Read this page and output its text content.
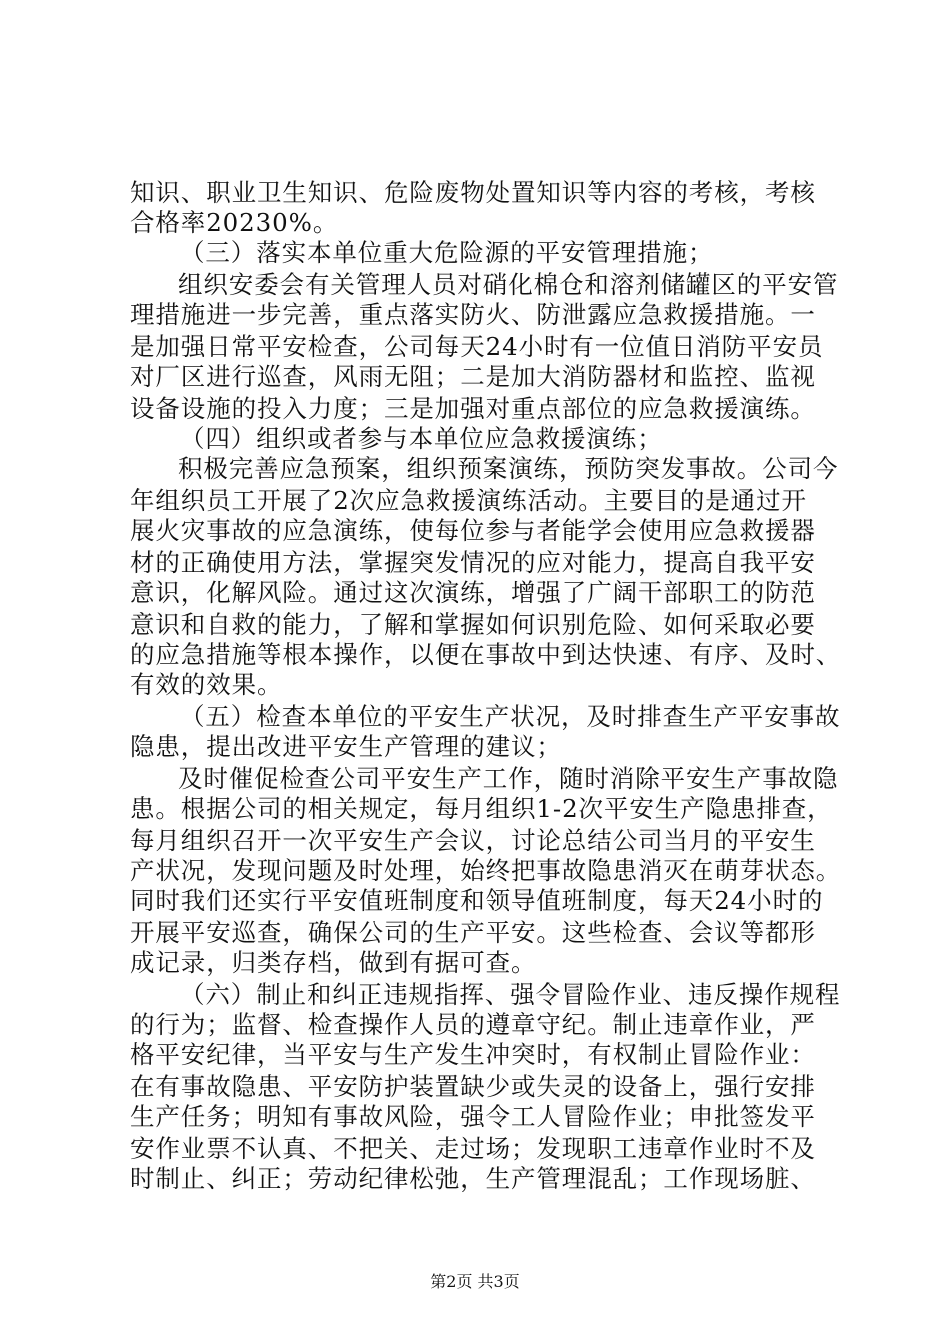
知识、职业卫生知识、危险废物处置知识等内容的考核，考核
合格率20230%。
（三）落实本单位重大危险源的平安管理措施；
组织安委会有关管理人员对硝化棉仓和溶剂储罐区的平安管
理措施进一步完善，重点落实防火、防泄露应急救援措施。一
是加强日常平安检查，公司每天24小时有一位值日消防平安员
对厂区进行巡查，风雨无阻；二是加大消防器材和监控、监视
设备设施的投入力度；三是加强对重点部位的应急救援演练。
（四）组织或者参与本单位应急救援演练；
积极完善应急预案，组织预案演练，预防突发事故。公司今
年组织员工开展了2次应急救援演练活动。主要目的是通过开
展火灾事故的应急演练，使每位参与者能学会使用应急救援器
材的正确使用方法，掌握突发情况的应对能力，提高自我平安
意识，化解风险。通过这次演练，增强了广阔干部职工的防范
意识和自救的能力，了解和掌握如何识别危险、如何采取必要
的应急措施等根本操作，以便在事故中到达快速、有序、及时、
有效的效果。
（五）检查本单位的平安生产状况，及时排查生产平安事故
隐患，提出改进平安生产管理的建议；
及时催促检查公司平安生产工作，随时消除平安生产事故隐
患。根据公司的相关规定，每月组织1-2次平安生产隐患排查，
每月组织召开一次平安生产会议，讨论总结公司当月的平安生
产状况，发现问题及时处理，始终把事故隐患消灭在萌芽状态。
同时我们还实行平安值班制度和领导值班制度，每天24小时的
开展平安巡查，确保公司的生产平安。这些检查、会议等都形
成记录，归类存档，做到有据可查。
（六）制止和纠正违规指挥、强令冒险作业、违反操作规程
的行为；监督、检查操作人员的遵章守纪。制止违章作业，严
格平安纪律，当平安与生产发生冲突时，有权制止冒险作业：
在有事故隐患、平安防护装置缺少或失灵的设备上，强行安排
生产任务；明知有事故风险，强令工人冒险作业；申批签发平
安作业票不认真、不把关、走过场；发现职工违章作业时不及
时制止、纠正；劳动纪律松弛，生产管理混乱；工作现场脏、
第2页 共3页
